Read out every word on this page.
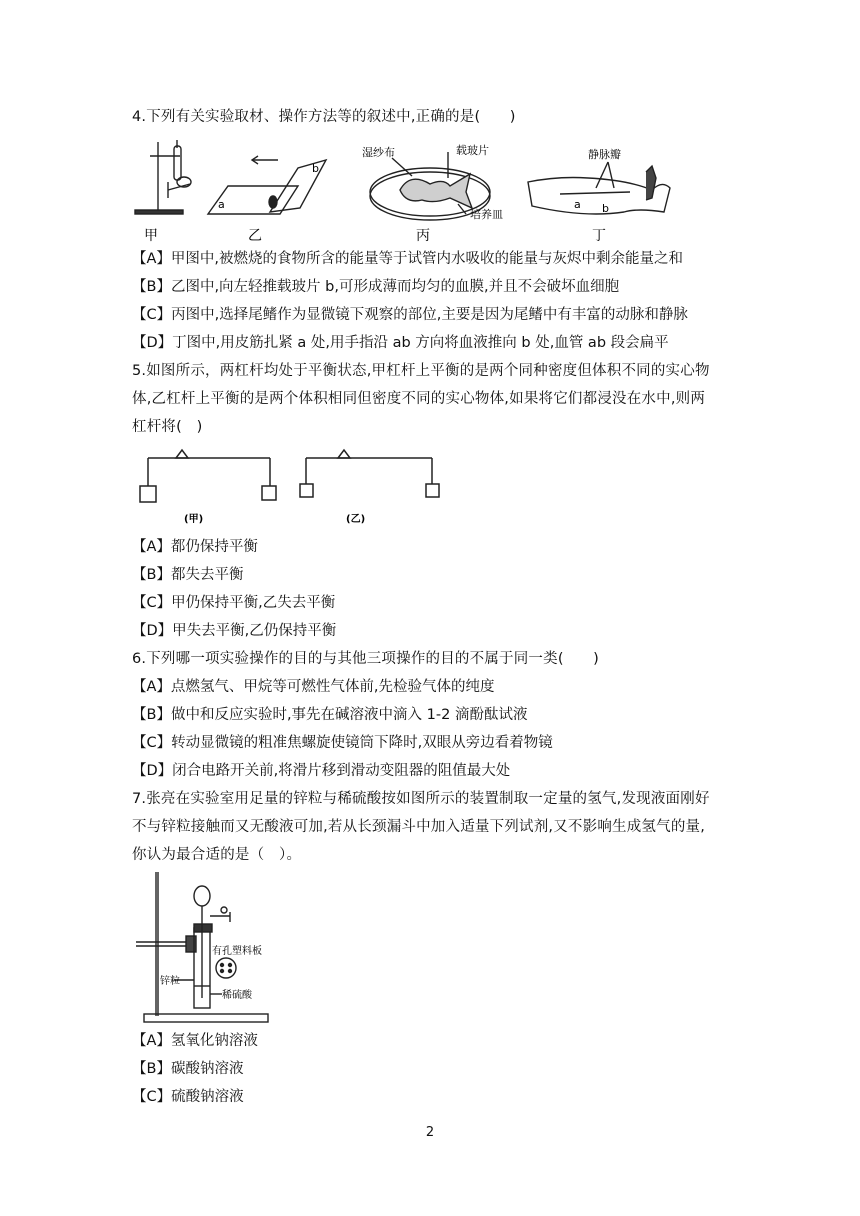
4.下列有关实验取材、操作方法等的叙述中,正确的是(　　)
a
b
湿纱布	载玻片
培养皿
静脉瓣
a b
甲	乙	丙	丁
【A】甲图中,被燃烧的食物所含的能量等于试管内水吸收的能量与灰烬中剩余能量之和
【B】乙图中,向左轻推载玻片 b,可形成薄而均匀的血膜,并且不会破坏血细胞
【C】丙图中,选择尾鳍作为显微镜下观察的部位,主要是因为尾鳍中有丰富的动脉和静脉
【D】丁图中,用皮筋扎紧 a 处,用手指沿 ab 方向将血液推向 b 处,血管 ab 段会扁平
5.如图所示，两杠杆均处于平衡状态,甲杠杆上平衡的是两个同种密度但体积不同的实心物
体,乙杠杆上平衡的是两个体积相同但密度不同的实心物体,如果将它们都浸没在水中,则两
杠杆将(　)
(甲)	(乙)
【A】都仍保持平衡
【B】都失去平衡
【C】甲仍保持平衡,乙失去平衡
【D】甲失去平衡,乙仍保持平衡
6.下列哪一项实验操作的目的与其他三项操作的目的不属于同一类(　　)
【A】点燃氢气、甲烷等可燃性气体前,先检验气体的纯度
【B】做中和反应实验时,事先在碱溶液中滴入 1-2 滴酚酞试液
【C】转动显微镜的粗准焦螺旋使镜筒下降时,双眼从旁边看着物镜
【D】闭合电路开关前,将滑片移到滑动变阻器的阻值最大处
7.张亮在实验室用足量的锌粒与稀硫酸按如图所示的装置制取一定量的氢气,发现液面刚好
不与锌粒接触而又无酸液可加,若从长颈漏斗中加入适量下列试剂,又不影响生成氢气的量,
你认为最合适的是（　）。
有孔塑料板
锌粒
稀硫酸
【A】氢氧化钠溶液
【B】碳酸钠溶液
【C】硫酸钠溶液
2
